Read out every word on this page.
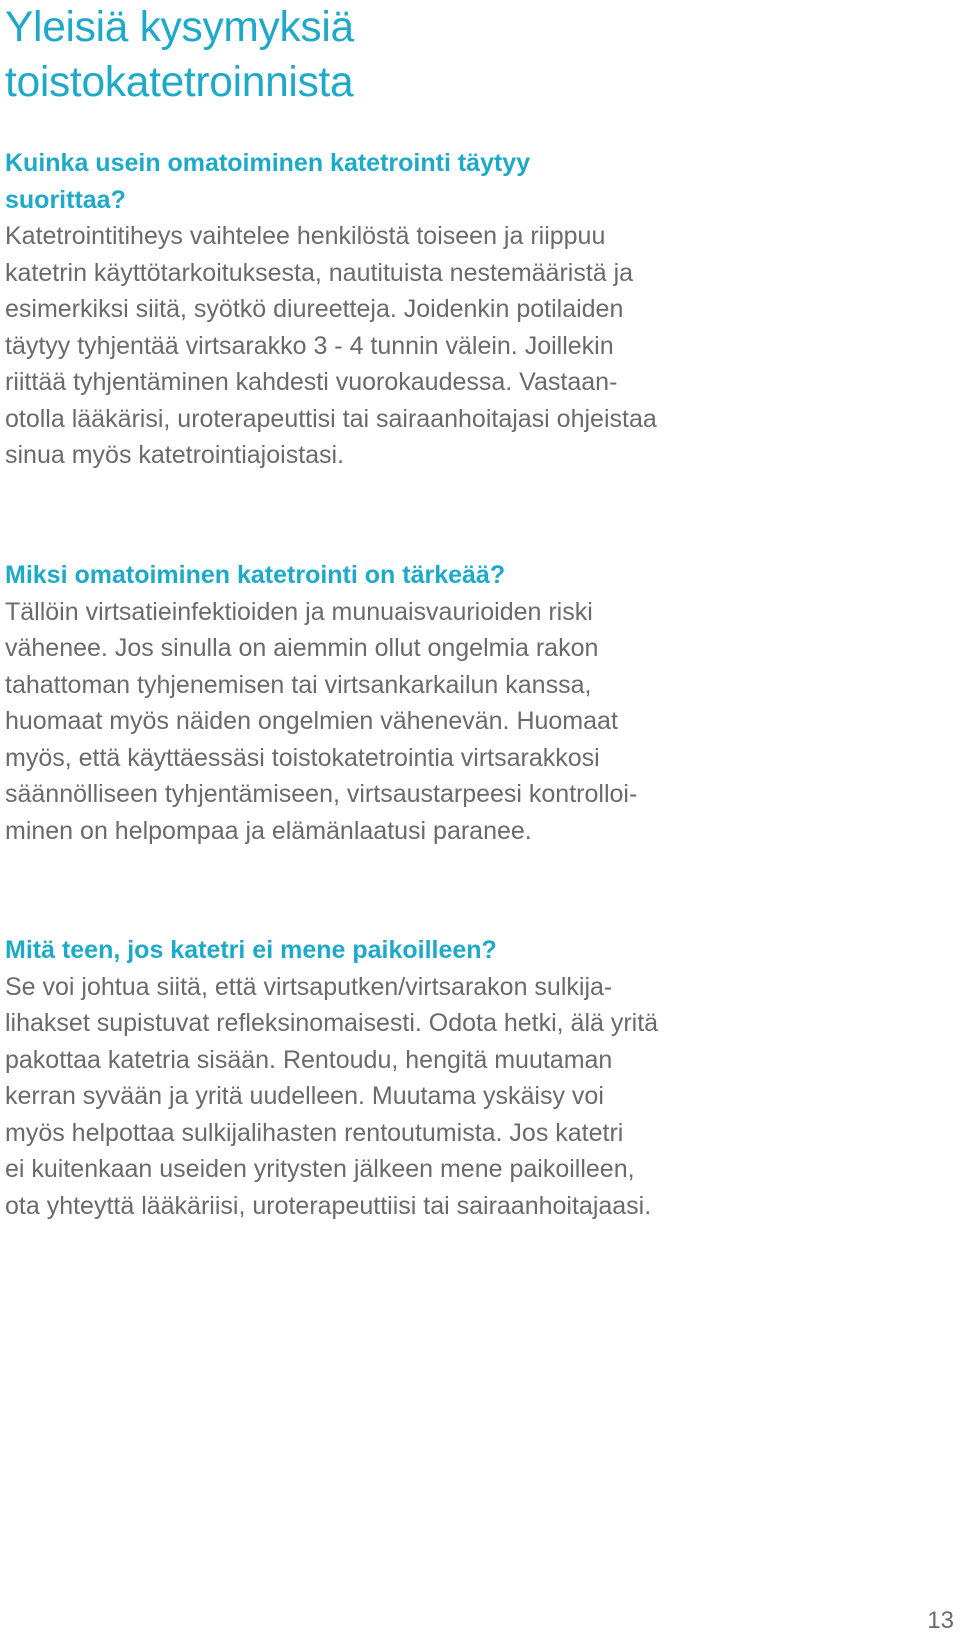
Yleisiä kysymyksiä
toistokatetroinnista
Kuinka usein omatoiminen katetrointi täytyy
suorittaa?

Katetrointitiheys vaihtelee henkilöstä toiseen ja riippuu
katetrin käyttötarkoituksesta, nautituista nestemääristä ja
esimerkiksi siitä, syötkö diureetteja. Joidenkin potilaiden
täytyy tyhjentää virtsarakko 3 - 4 tunnin välein. Joillekin
riittää tyhjentäminen kahdesti vuorokaudessa. Vastaan-
otolla lääkärisi, uroterapeuttisi tai sairaanhoitajasi ohjeistaa
sinua myös katetrointiajoistasi.

Miksi omatoiminen katetrointi on tärkeää?

Tällöin virtsatieinfektioiden ja munuaisvaurioiden riski
vähenee. Jos sinulla on aiemmin ollut ongelmia rakon
tahattoman tyhjenemisen tai virtsankarkailun kanssa,
huomaat myös näiden ongelmien vähenevän. Huomaat
myös, että käyttäessäsi toistokatetrointia virtsarakkosi
säännölliseen tyhjentämiseen, virtsaustarpeesi kontrolloi-
minen on helpompaa ja elämänlaatusi paranee.

Mitä teen, jos katetri ei mene paikoilleen?

Se voi johtua siitä, että virtsaputken/virtsarakon sulkija-
lihakset supistuvat refleksinomaisesti. Odota hetki, älä yritä
pakottaa katetria sisään. Rentoudu, hengitä muutaman
kerran syvään ja yritä uudelleen. Muutama yskäisy voi
myös helpottaa sulkijalihasten rentoutumista. Jos katetri
ei kuitenkaan useiden yritysten jälkeen mene paikoilleen,
ota yhteyttä lääkäriisi, uroterapeuttiisi tai sairaanhoitajaasi.

13
